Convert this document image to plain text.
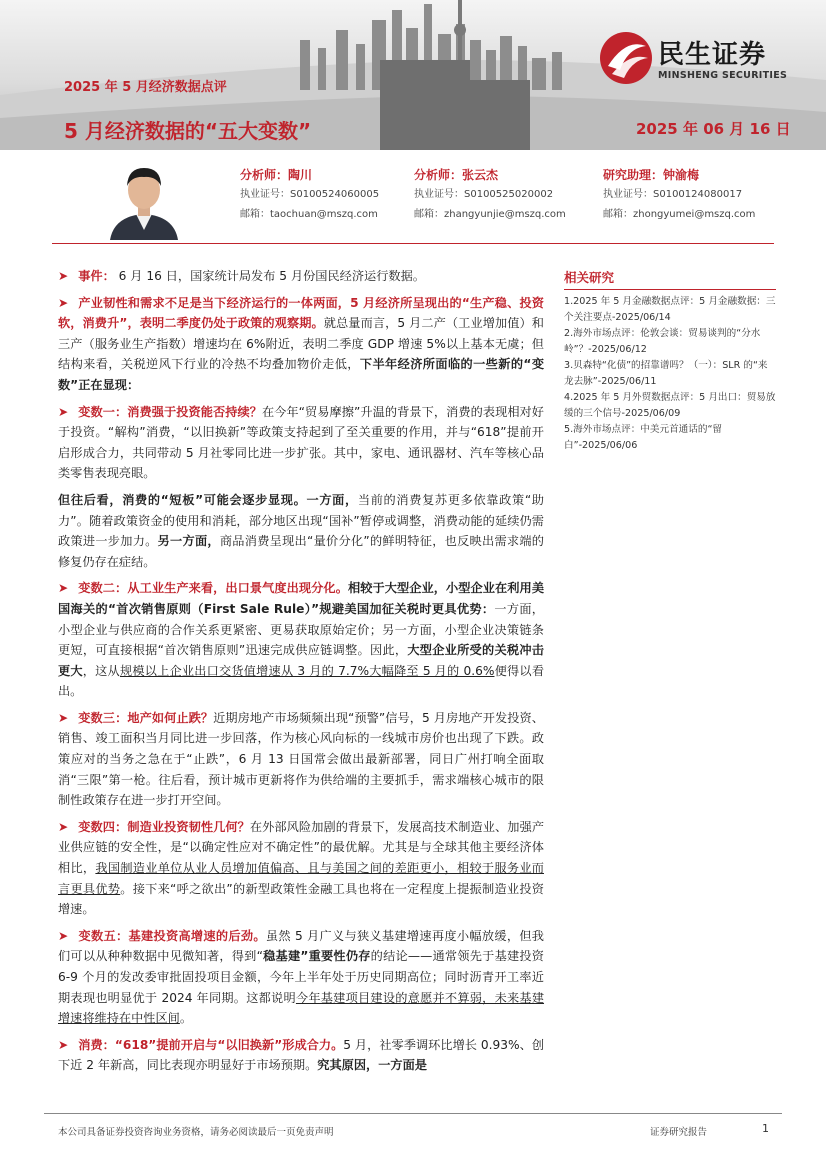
2025 年 5 月经济数据点评
5 月经济数据的“五大变数”	2025 年 06 月 16 日
民生证券
MINSHENG SECURITIES
分析师：陶川
执业证号：S0100524060005
邮箱：taochuan@mszq.com
分析师：张云杰
执业证号：S0100525020002
邮箱：zhangyunjie@mszq.com
研究助理：钟渝梅
执业证号：S0100124080017
邮箱：zhongyumei@mszq.com
➤ 事件： 6 月 16 日，国家统计局发布 5 月份国民经济运行数据。
➤ 产业韧性和需求不足是当下经济运行的一体两面，5 月经济所呈现出的“生产稳、投资软，消费升”，表明二季度仍处于政策的观察期。就总量而言，5 月二产（工业增加值）和三产（服务业生产指数）增速均在 6%附近，表明二季度 GDP 增速 5%以上基本无虞；但结构来看，关税逆风下行业的冷热不均叠加物价走低，下半年经济所面临的一些新的“变数”正在显现：
➤ 变数一：消费强于投资能否持续？在今年“贸易摩擦”升温的背景下，消费的表现相对好于投资。“解构”消费，“以旧换新”等政策支持起到了至关重要的作用，并与“618”提前开启形成合力，共同带动 5 月社零同比进一步扩张。其中，家电、通讯器材、汽车等核心品类零售表现亮眼。
但往后看，消费的“短板”可能会逐步显现。一方面，当前的消费复苏更多依靠政策“助力”。随着政策资金的使用和消耗，部分地区出现“国补”暂停或调整，消费动能的延续仍需政策进一步加力。另一方面，商品消费呈现出“量价分化”的鲜明特征，也反映出需求端的修复仍存在症结。
➤ 变数二：从工业生产来看，出口景气度出现分化。相较于大型企业，小型企业在利用美国海关的“首次销售原则（First Sale Rule）”规避美国加征关税时更具优势：一方面，小型企业与供应商的合作关系更紧密、更易获取原始定价；另一方面，小型企业决策链条更短，可直接根据“首次销售原则”迅速完成供应链调整。因此，大型企业所受的关税冲击更大，这从规模以上企业出口交货值增速从 3 月的 7.7%大幅降至 5 月的 0.6%便得以看出。
➤ 变数三：地产如何止跌？近期房地产市场频频出现“预警”信号，5 月房地产开发投资、销售、竣工面积当月同比进一步回落，作为核心风向标的一线城市房价也出现了下跌。政策应对的当务之急在于“止跌”，6 月 13 日国常会做出最新部署，同日广州打响全面取消“三限”第一枪。往后看，预计城市更新将作为供给端的主要抓手，需求端核心城市的限制性政策存在进一步打开空间。
➤ 变数四：制造业投资韧性几何？在外部风险加剧的背景下，发展高技术制造业、加强产业供应链的安全性，是“以确定性应对不确定性”的最优解。尤其是与全球其他主要经济体相比，我国制造业单位从业人员增加值偏高、且与美国之间的差距更小，相较于服务业而言更具优势。接下来“呼之欲出”的新型政策性金融工具也将在一定程度上提振制造业投资增速。
➤ 变数五：基建投资高增速的后劲。虽然 5 月广义与狭义基建增速再度小幅放缓，但我们可以从种种数据中见微知著，得到“稳基建”重要性仍存的结论——通常领先于基建投资 6-9 个月的发改委审批固投项目金额，今年上半年处于历史同期高位；同时沥青开工率近期表现也明显优于 2024 年同期。这都说明今年基建项目建设的意愿并不算弱，未来基建增速将维持在中性区间。
➤ 消费：“618”提前开启与“以旧换新”形成合力。5 月，社零季调环比增长 0.93%、创下近 2 年新高，同比表现亦明显好于市场预期。究其原因，一方面是
相关研究
1.2025 年 5 月金融数据点评：5 月金融数据：三个关注要点-2025/06/14
2.海外市场点评：伦敦会谈：贸易谈判的“分水岭”？-2025/06/12
3.贝森特“化债”的招靠谱吗？（一）：SLR 的“来龙去脉”-2025/06/11
4.2025 年 5 月外贸数据点评：5 月出口：贸易放缓的三个信号-2025/06/09
5.海外市场点评：中美元首通话的“留白”-2025/06/06
本公司具备证券投资咨询业务资格，请务必阅读最后一页免责声明	证券研究报告	1
